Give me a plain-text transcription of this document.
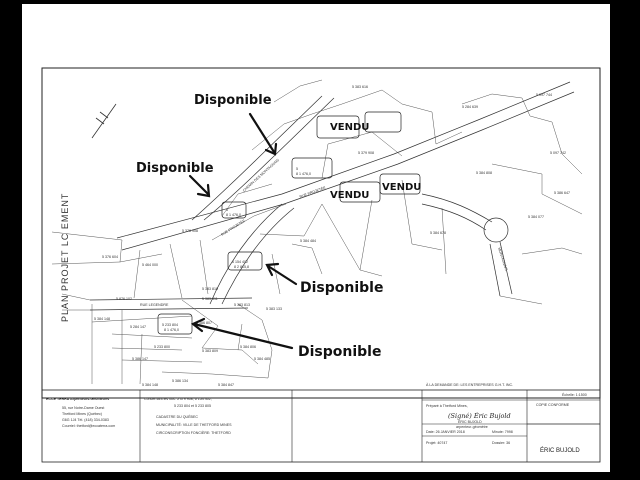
5 383 616
5 284 639
5 097 744
5 097 742
5 386 647
5 384 077
5 384 808
5 384 678
5 379 908
5 384 484
5 376 908
5 376 604
5 464 000
5 383 810
5 383 811
5 383 813
5 383 133
5 876 102
5 384 148
5 284 147
5 386 807
5 233 800
5 383 809
5 384 806
5 384 485
5 386 147
5 386 134
5 384 847
5 384 148
5
8 1 476,0
5
8 1 476,0
6 154 402
8 2 815,8
5 233 804
8 1 476,0
CHEMIN DES MONTAGNAIS	RUE PROJETÉE
RUE PROJETÉE
RUE LEGENDRE
MONTAGNAIS
PLAN PROJET LC EMENT
Disponible
Disponible
Disponible
Disponible
VENDU
VENDU
VENDU
ECCE TERRA Arpenteurs-Géomètres
55, rue Notre-Dame Ouest
Thetford Mines (Québec)
G6G 1J4 Tél. (418) 334-0383
Courriel: thetford@eccaterra.com
Concernant les lots: 5 379 908, 6 154 402,
5 233 804 et 5 233 805
CADASTRE DU QUÉBEC
MUNICIPALITÉ: VILLE DE THETFORD MINES
CIRCONSCRIPTION FONCIÈRE: THETFORD
À LA DEMANDE DE: LES ENTREPRISES G.H.T. INC.
Échelle: 1:1500
Préparé à Thetford Mines,
(Signé) Éric Bujold
ÉRIC BUJOLD
arpenteur-géomètre
Date: 26 JANVIER 2018	Minute: 7998
Projet: 40747	Dossier: 36
COPIE CONFORME
ÉRIC BUJOLD
